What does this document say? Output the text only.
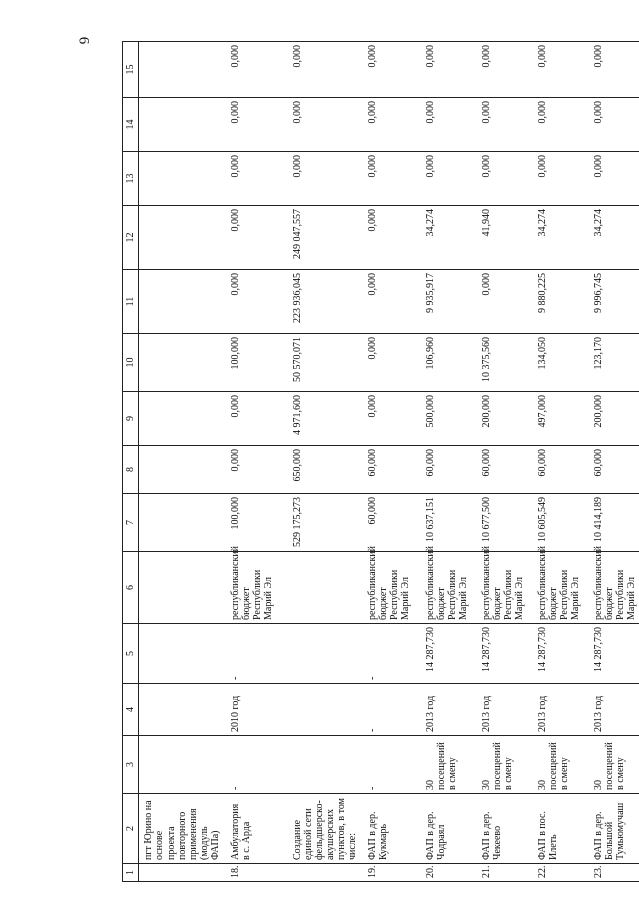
6
1	2	3	4	5	6	7	8	9	10	11	12	13	14	15
	пгт Юрино на основе проекта повторного применения (модуль ФАПа)													
18.	Амбулатория в с. Арда	-	2010 год	-	республиканский бюджет Республики Марий Эл	100,000	0,000	0,000	100,000	0,000	0,000	0,000	0,000	0,000
	Создание единой сети фельдшерско-акушерских пунктов, в том числе:					529 175,273	650,000	4 971,600	50 570,071	223 936,045	249 047,557	0,000	0,000	0,000
19.	ФАП в дер. Кукмарь	-	-	-	республиканский бюджет Республики Марий Эл	60,000	60,000	0,000	0,000	0,000	0,000	0,000	0,000	0,000
20.	ФАП в дер. Чодраял	30 посещений в смену	2013 год	14 287,730	республиканский бюджет Республики Марий Эл	10 637,151	60,000	500,000	106,960	9 935,917	34,274	0,000	0,000	0,000
21.	ФАП в дер. Чекеево	30 посещений в смену	2013 год	14 287,730	республиканский бюджет Республики Марий Эл	10 677,500	60,000	200,000	10 375,560	0,000	41,940	0,000	0,000	0,000
22.	ФАП в пос. Илеть	30 посещений в смену	2013 год	14 287,730	республиканский бюджет Республики Марий Эл	10 605,549	60,000	497,000	134,050	9 880,225	34,274	0,000	0,000	0,000
23.	ФАП в дер. Большой Тумьюмучаш	30 посещений в смену	2013 год	14 287,730	республиканский бюджет Республики Марий Эл	10 414,189	60,000	200,000	123,170	9 996,745	34,274	0,000	0,000	0,000
